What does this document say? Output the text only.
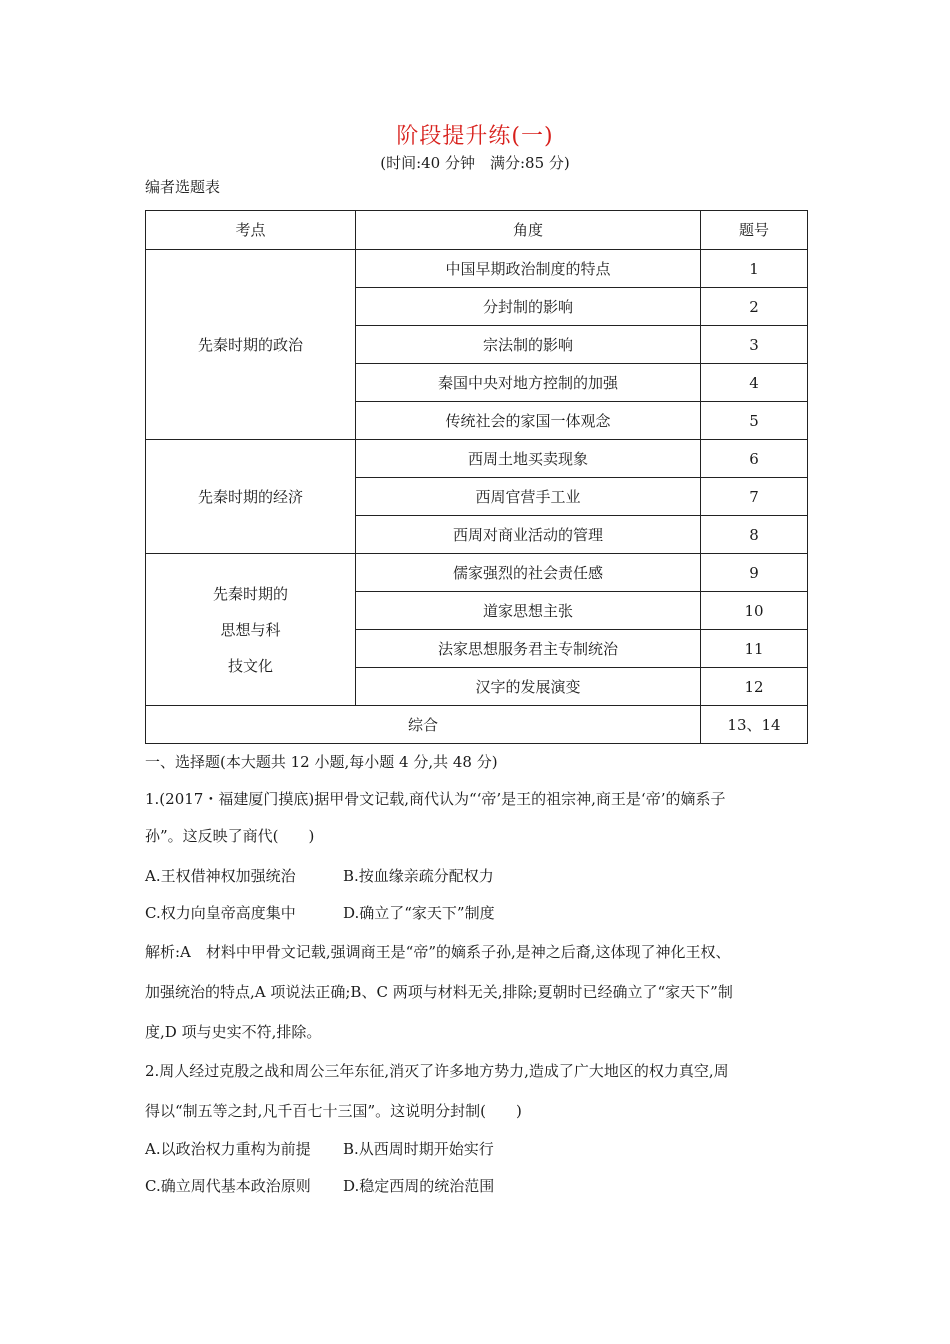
阶段提升练(一)
(时间:40 分钟　满分:85 分)
编者选题表
考点	角度	题号
先秦时期的政治	中国早期政治制度的特点	1
	分封制的影响	2
	宗法制的影响	3
	秦国中央对地方控制的加强	4
	传统社会的家国一体观念	5
先秦时期的经济	西周土地买卖现象	6
	西周官营手工业	7
	西周对商业活动的管理	8

先秦时期的
思想与科
技文化	儒家强烈的社会责任感	9
	道家思想主张	10
	法家思想服务君主专制统治	11
	汉字的发展演变	12
综合		13、14
一、选择题(本大题共 12 小题,每小题 4 分,共 48 分)
1.(2017・福建厦门摸底)据甲骨文记载,商代认为“‘帝’是王的祖宗神,商王是‘帝’的嫡系子
孙”。这反映了商代(　　)
A.王权借神权加强统治	B.按血缘亲疏分配权力
C.权力向皇帝高度集中	D.确立了“家天下”制度
解析:A　材料中甲骨文记载,强调商王是“帝”的嫡系子孙,是神之后裔,这体现了神化王权、
加强统治的特点,A 项说法正确;B、C 两项与材料无关,排除;夏朝时已经确立了“家天下”制
度,D 项与史实不符,排除。
2.周人经过克殷之战和周公三年东征,消灭了许多地方势力,造成了广大地区的权力真空,周
得以“制五等之封,凡千百七十三国”。这说明分封制(　　)
A.以政治权力重构为前提 B.从西周时期开始实行
C.确立周代基本政治原则 D.稳定西周的统治范围
